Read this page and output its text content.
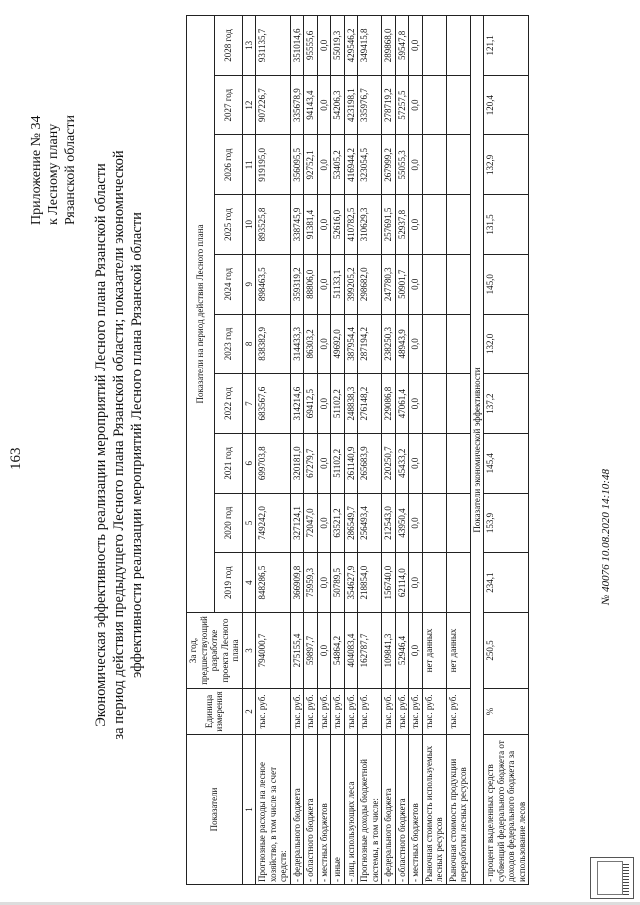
163
Приложение № 34 к Лесному плану Рязанской области Экономическая эффективность реализации мероприятий Лесного плана Рязанской области за период действия предыдущего Лесного плана Рязанской области; показатели экономической эффективности реализации мероприятий Лесного плана Рязанской области
Показатели	Единица измерения	За год, предшествующий разработке проекта Лесного плана	Показатели на период действия Лесного плана									
			2019 год	2020 год	2021 год	2022 год	2023 год	2024 год	2025 год	2026 год	2027 год	2028 год
1	2	3	4	5	6	7	8	9	10	11	12	13
Прогнозные расходы на лесное хозяйство, в том числе за счет средств:	тыс. руб.	794000,7	848286,5	749242,0	699703,8	683567,6	838382,9	898463,5	893525,8	919195,0	907226,7	931135,7
- федерального бюджета	тыс. руб.	275155,4	366909,8	327124,1	320181,0	314214,6	314433,3	359319,2	338745,9	356095,5	335678,9	351014,6
- областного бюджета	тыс. руб.	59897,7	75959,3	72047,0	67279,7	69412,5	86303,2	88806,0	91381,4	92752,1	94143,4	95555,6
- местных бюджетов	тыс. руб.	0,0	0,0	0,0	0,0	0,0	0,0	0,0	0,0	0,0	0,0	0,0
- иные	тыс. руб.	54864,2	50789,5	63521,2	51102,2	51102,2	49692,0	51133,1	52616,0	53405,2	54206,3	55019,3
- лиц, использующих леса	тыс. руб.	404083,4	354627,9	286549,7	261140,9	248838,3	387954,4	399205,2	410782,5	416944,2	423198,1	429546,2
Прогнозные доходы бюджетной системы, в том числе:	тыс. руб.	162787,7	218854,0	256493,4	265683,9	276148,2	287194,2	298682,0	310629,3	323054,5	335976,7	349415,8
- федерального бюджета	тыс. руб.	109841,3	156740,0	212543,0	220250,7	229086,8	238250,3	247780,3	257691,5	267999,2	278719,2	289868,0
- областного бюджета	тыс. руб.	52946,4	62114,0	43950,4	45433,2	47061,4	48943,9	50901,7	52937,8	55055,3	57257,5	59547,8
- местных бюджетов	тыс. руб.	0,0	0,0	0,0	0,0	0,0	0,0	0,0	0,0	0,0	0,0	0,0
Рыночная стоимость используемых лесных ресурсов	тыс. руб.	нет данных										
Рыночная стоимость продукции переработки лесных ресурсов	тыс. руб.	нет данных										
Показатели экономической эффективности												
- процент выделенных средств субвенций федерального бюджета от доходов федерального бюджета за использование лесов	%	250,5	234,1	153,9	145,4	137,2	132,0	145,0	131,5	132,9	120,4	121,1
№ 40076 10.08.2020 14:10:48
